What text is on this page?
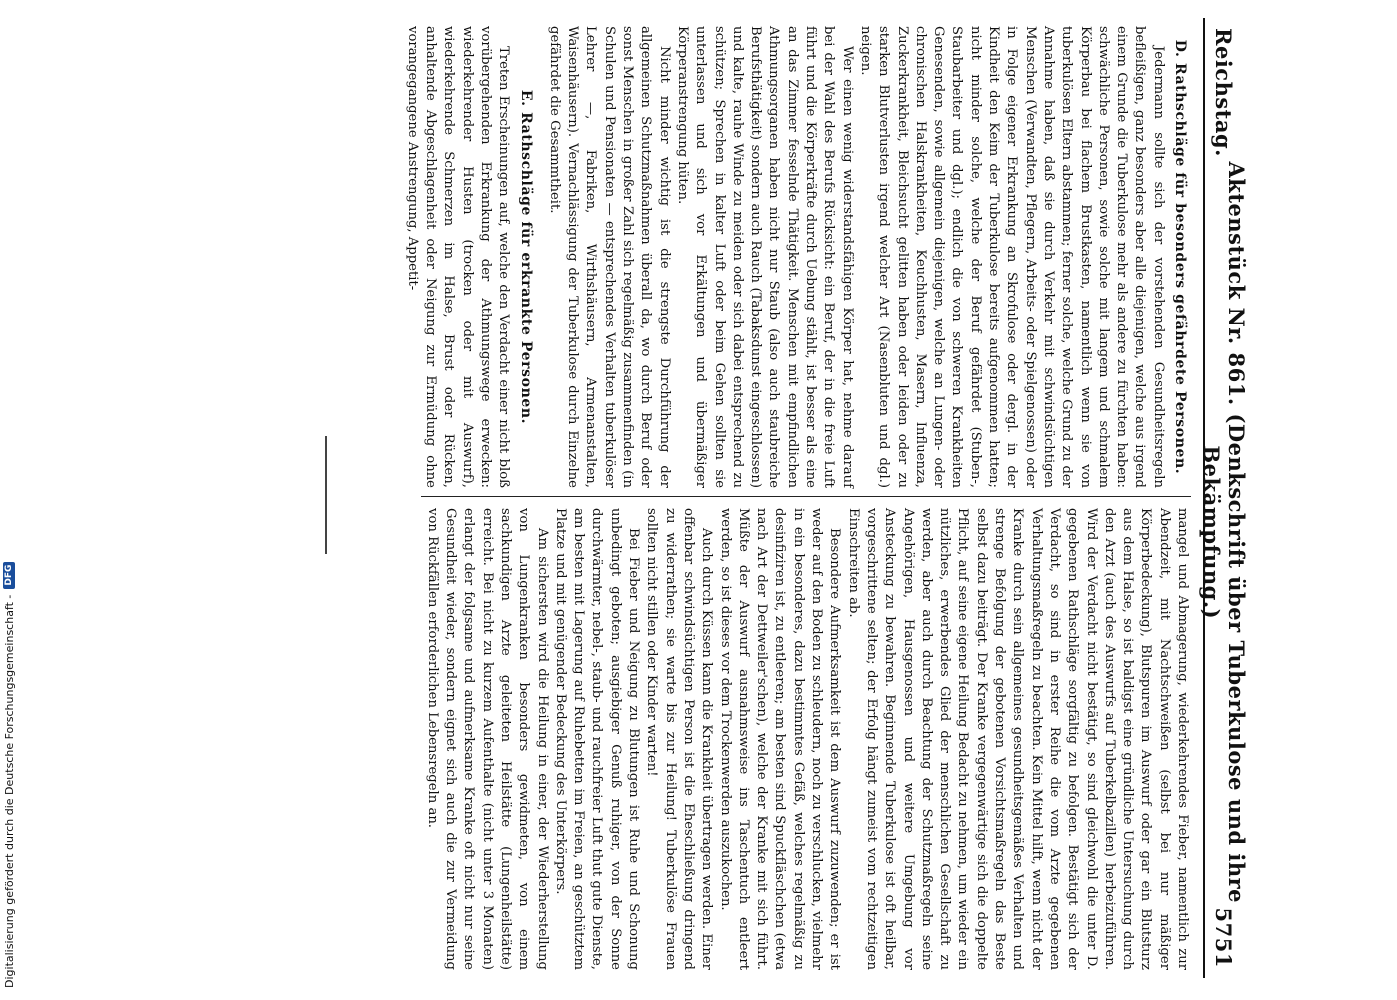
Reichstag.
Aktenstück Nr. 861. (Denkschrift über Tuberkulose und ihre Bekämpfung.)
5751
D. Rathschläge für besonders gefährdete Personen.

Jedermann sollte sich der vorstehenden Gesundheitsregeln befleißigen, ganz besonders aber alle diejenigen, welche aus irgend einem Grunde die Tuberkulose mehr als andere zu fürchten haben: schwächliche Personen, sowie solche mit langem und schmalem Körperbau bei flachem Brustkasten, namentlich wenn sie von tuberkulösen Eltern abstammen; ferner solche, welche Grund zu der Annahme haben, daß sie durch Verkehr mit schwindsüchtigen Menschen (Verwandten, Pflegern, Arbeits- oder Spielgenossen) oder in Folge eigener Erkrankung an Skrofulose oder dergl. in der Kindheit den Keim der Tuberkulose bereits aufgenommen hatten; nicht minder solche, welche der Beruf gefährdet (Stuben-, Staubarbeiter und dgl.); endlich die von schweren Krankheiten Genesenden, sowie allgemein diejenigen, welche an Lungen- oder chronischen Halskrankheiten, Keuchhusten, Masern, Influenza, Zuckerkrankheit, Bleichsucht gelitten haben oder leiden oder zu starken Blutverlusten irgend welcher Art (Nasenbluten und dgl.) neigen.

Wer einen wenig widerstandsfähigen Körper hat, nehme darauf bei der Wahl des Berufs Rücksicht: ein Beruf, der in die freie Luft führt und die Körperkräfte durch Uebung stählt, ist besser als eine an das Zimmer fesselnde Thätigkeit. Menschen mit empfindlichen Athmungsorganen haben nicht nur Staub (also auch staubreiche Berufsthätigkeit) sondern auch Rauch (Tabaksdunst eingeschlossen) und kalte, rauhe Winde zu meiden oder sich dabei entsprechend zu schützen; Sprechen in kalter Luft oder beim Gehen sollten sie unterlassen und sich vor Erkältungen und übermäßiger Körperanstrengung hüten.

Nicht minder wichtig ist die strengste Durchführung der allgemeinen Schutzmaßnahmen überall da, wo durch Beruf oder sonst Menschen in großer Zahl sich regelmäßig zusammenfinden (in Schulen und Pensionaten — entsprechendes Verhalten tuberkulöser Lehrer —, Fabriken, Wirthshäusern, Armenanstalten, Waisenhäusern). Vernachlässigung der Tuberkulose durch Einzelne gefährdet die Gesammtheit.

E. Rathschläge für erkrankte Personen.

Treten Erscheinungen auf, welche den Verdacht einer nicht bloß vorübergehenden Erkrankung der Athmungswege erwecken: wiederkehrender Husten (trocken oder mit Auswurf), wiederkehrende Schmerzen im Halse, Brust oder Rücken, anhaltende Abgeschlagenheit oder Neigung zur Ermüdung ohne vorangegangene Anstrengung, Appetit-

mangel und Abmagerung, wiederkehrendes Fieber, namentlich zur Abendzeit, mit Nachtschweißen (selbst bei nur mäßiger Körperbedeckung), Blutspuren im Auswurf oder gar ein Blutsturz aus dem Halse, so ist baldigst eine gründliche Untersuchung durch den Arzt (auch des Auswurfs auf Tuberkelbazillen) herbeizuführen. Wird der Verdacht nicht bestätigt, so sind gleichwohl die unter D. gegebenen Rathschläge sorgfältig zu befolgen. Bestätigt sich der Verdacht, so sind in erster Reihe die vom Arzte gegebenen Verhaltungsmaßregeln zu beachten. Kein Mittel hilft, wenn nicht der Kranke durch sein allgemeines gesundheitsgemäßes Verhalten und strenge Befolgung der gebotenen Vorsichtsmaßregeln das Beste selbst dazu beiträgt. Der Kranke vergegenwärtige sich die doppelte Pflicht, auf seine eigene Heilung Bedacht zu nehmen, um wieder ein nützliches, erwerbendes Glied der menschlichen Gesellschaft zu werden, aber auch durch Beachtung der Schutzmaßregeln seine Angehörigen, Hausgenossen und weitere Umgebung vor Ansteckung zu bewahren. Beginnende Tuberkulose ist oft heilbar, vorgeschrittene selten; der Erfolg hängt zumeist vom rechtzeitigen Einschreiten ab.

Besondere Aufmerksamkeit ist dem Auswurf zuzuwenden; er ist weder auf den Boden zu schleudern, noch zu verschlucken, vielmehr in ein besonderes, dazu bestimmtes Gefäß, welches regelmäßig zu desinfiziren ist, zu entleeren; am besten sind Spuckfläschchen (etwa nach Art der Dettweiler'schen), welche der Kranke mit sich führt. Müßte der Auswurf ausnahmsweise ins Taschentuch entleert werden, so ist dieses vor dem Trockenwerden auszukochen.

Auch durch Küssen kann die Krankheit übertragen werden. Einer offenbar schwindsüchtigen Person ist die Eheschließung dringend zu widerrathen; sie warte bis zur Heilung! Tuberkulöse Frauen sollten nicht stillen oder Kinder warten!

Bei Fieber und Neigung zu Blutungen ist Ruhe und Schonung unbedingt geboten; ausgiebiger Genuß ruhiger, von der Sonne durchwärmter, nebel-, staub- und rauchfreier Luft thut gute Dienste, am besten mit Lagerung auf Ruhebetten im Freien, an geschütztem Platze und mit genügender Bedeckung des Unterkörpers.

Am sichersten wird die Heilung in einer, der Wiederherstellung von Lungenkranken besonders gewidmeten, von einem sachkundigen Arzte geleiteten Heilstätte (Lungenheilstätte) erreicht. Bei nicht zu kurzem Aufenthalte (nicht unter 3 Monaten) erlangt der folgsame und aufmerksame Kranke oft nicht nur seine Gesundheit wieder, sondern eignet sich auch die zur Vermeidung von Rückfällen erforderlichen Lebensregeln an.

Digitalisierung gefördert durch die Deutsche Forschungsgemeinschaft -
DFG
